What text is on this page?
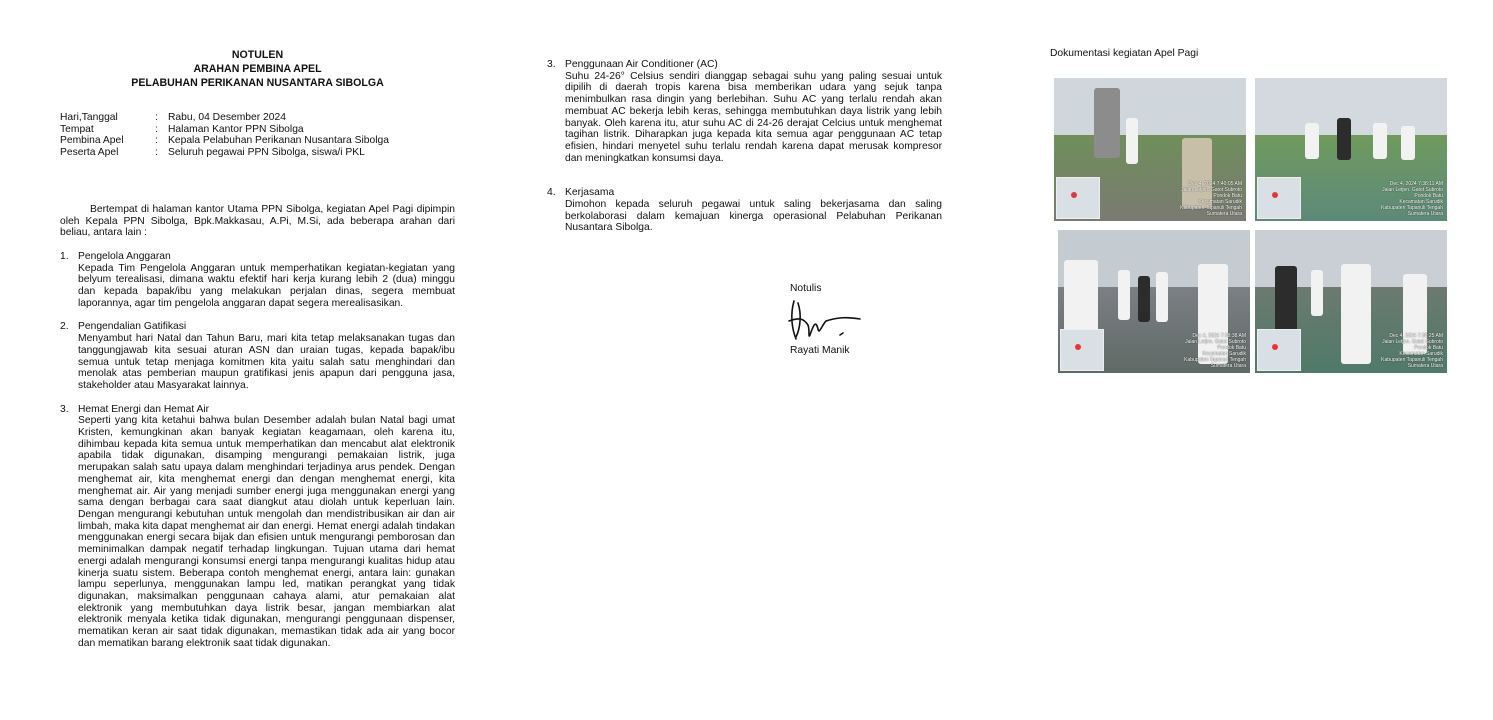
NOTULEN
ARAHAN PEMBINA APEL
PELABUHAN PERIKANAN NUSANTARA SIBOLGA
Hari,Tanggal	: Rabu, 04 Desember 2024
Tempat	: Halaman Kantor PPN Sibolga
Pembina Apel	: Kepala Pelabuhan Perikanan Nusantara Sibolga
Peserta Apel	: Seluruh pegawai PPN Sibolga, siswa/i PKL
Bertempat di halaman kantor Utama PPN Sibolga, kegiatan Apel Pagi dipimpin oleh Kepala PPN Sibolga, Bpk.Makkasau, A.Pi, M.Si, ada beberapa arahan dari beliau, antara lain :
1. Pengelola Anggaran
Kepada Tim Pengelola Anggaran untuk memperhatikan kegiatan-kegiatan yang belyum terealisasi, dimana waktu efektif hari kerja kurang lebih 2 (dua) minggu dan kepada bapak/ibu yang melakukan perjalan dinas, segera membuat laporannya, agar tim pengelola anggaran dapat segera merealisasikan.
2. Pengendalian Gatifikasi
Menyambut hari Natal dan Tahun Baru, mari kita tetap melaksanakan tugas dan tanggungjawab kita sesuai aturan ASN dan uraian tugas, kepada bapak/ibu semua untuk tetap menjaga komitmen kita yaitu salah satu menghindari dan menolak atas pemberian maupun gratifikasi jenis apapun dari pengguna jasa, stakeholder atau Masyarakat lainnya.
3. Hemat Energi dan Hemat Air
Seperti yang kita ketahui bahwa bulan Desember adalah bulan Natal bagi umat Kristen, kemungkinan akan banyak kegiatan keagamaan, oleh karena itu, dihimbau kepada kita semua untuk memperhatikan dan mencabut alat elektronik apabila tidak digunakan, disamping mengurangi pemakaian listrik, juga merupakan salah satu upaya dalam menghindari terjadinya arus pendek. Dengan menghemat air, kita menghemat energi dan dengan menghemat energi, kita menghemat air. Air yang menjadi sumber energi juga menggunakan energi yang sama dengan berbagai cara saat diangkut atau diolah untuk keperluan lain. Dengan mengurangi kebutuhan untuk mengolah dan mendistribusikan air dan air limbah, maka kita dapat menghemat air dan energi. Hemat energi adalah tindakan menggunakan energi secara bijak dan efisien untuk mengurangi pemborosan dan meminimalkan dampak negatif terhadap lingkungan. Tujuan utama dari hemat energi adalah mengurangi konsumsi energi tanpa mengurangi kualitas hidup atau kinerja suatu sistem. Beberapa contoh menghemat energi, antara lain: gunakan lampu seperlunya, menggunakan lampu led, matikan perangkat yang tidak digunakan, maksimalkan penggunaan cahaya alami, atur pemakaian alat elektronik yang membutuhkan daya listrik besar, jangan membiarkan alat elektronik menyala ketika tidak digunakan, mengurangi penggunaan dispenser, mematikan keran air saat tidak digunakan, memastikan tidak ada air yang bocor dan mematikan barang elektronik saat tidak digunakan.
3. Penggunaan Air Conditioner (AC)
Suhu 24-26° Celsius sendiri dianggap sebagai suhu yang paling sesuai untuk dipilih di daerah tropis karena bisa memberikan udara yang sejuk tanpa menimbulkan rasa dingin yang berlebihan. Suhu AC yang terlalu rendah akan membuat AC bekerja lebih keras, sehingga membutuhkan daya listrik yang lebih banyak. Oleh karena itu, atur suhu AC di 24-26 derajat Celcius untuk menghemat tagihan listrik. Diharapkan juga kepada kita semua agar penggunaan AC tetap efisien, hindari menyetel suhu terlalu rendah karena dapat merusak kompresor dan meningkatkan konsumsi daya.
4. Kerjasama
Dimohon kepada seluruh pegawai untuk saling bekerjasama dan saling berkolaborasi dalam kemajuan kinerga operasional Pelabuhan Perikanan Nusantara Sibolga.
Notulis
Rayati Manik
Dokumentasi kegiatan Apel Pagi
Dec 4, 2024 7:40:05 AM
Jalan Letjen. Gatot Subroto
Pondok Batu
Kecamatan Sarudik
Kabupaten Tapanuli Tengah
Sumatera Utara
Dec 4, 2024 7:38:11 AM
Jalan Letjen. Gatot Subroto
Pondok Batu
Kecamatan Sarudik
Kabupaten Tapanuli Tengah
Sumatera Utara
Dec 4, 2024 7:38:38 AM
Jalan Letjen. Gatot Subroto
Pondok Batu
Kecamatan Sarudik
Kabupaten Tapanuli Tengah
Sumatera Utara
Dec 4, 2024 7:38:25 AM
Jalan Letjen. Gatot Subroto
Pondok Batu
Kecamatan Sarudik
Kabupaten Tapanuli Tengah
Sumatera Utara
